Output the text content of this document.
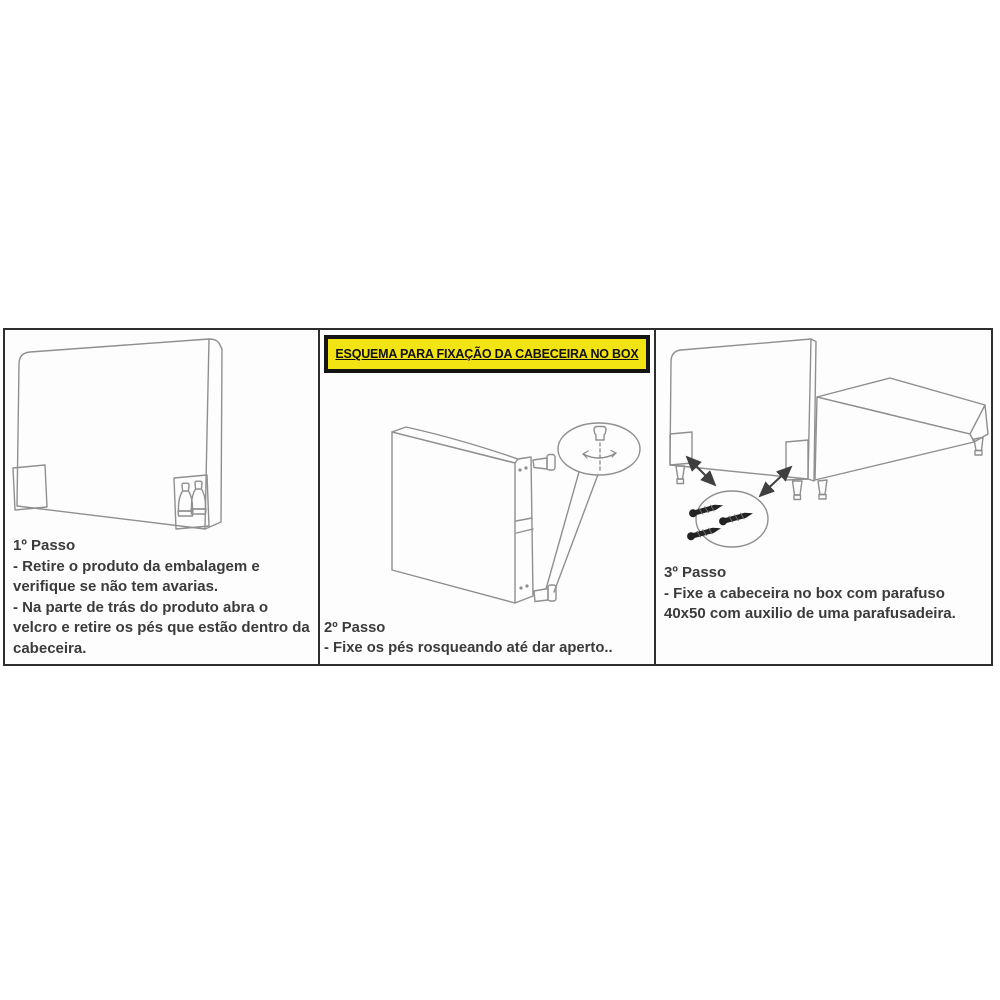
1º Passo
- Retire o produto da embalagem e verifique se não tem avarias.
- Na parte de trás do produto abra o velcro e retire os pés que estão dentro da cabeceira.
ESQUEMA PARA FIXAÇÃO DA CABECEIRA NO BOX
2º Passo
- Fixe os pés rosqueando até dar aperto..
3º Passo
- Fixe a cabeceira no box com parafuso 40x50 com auxilio de uma parafusadeira.
